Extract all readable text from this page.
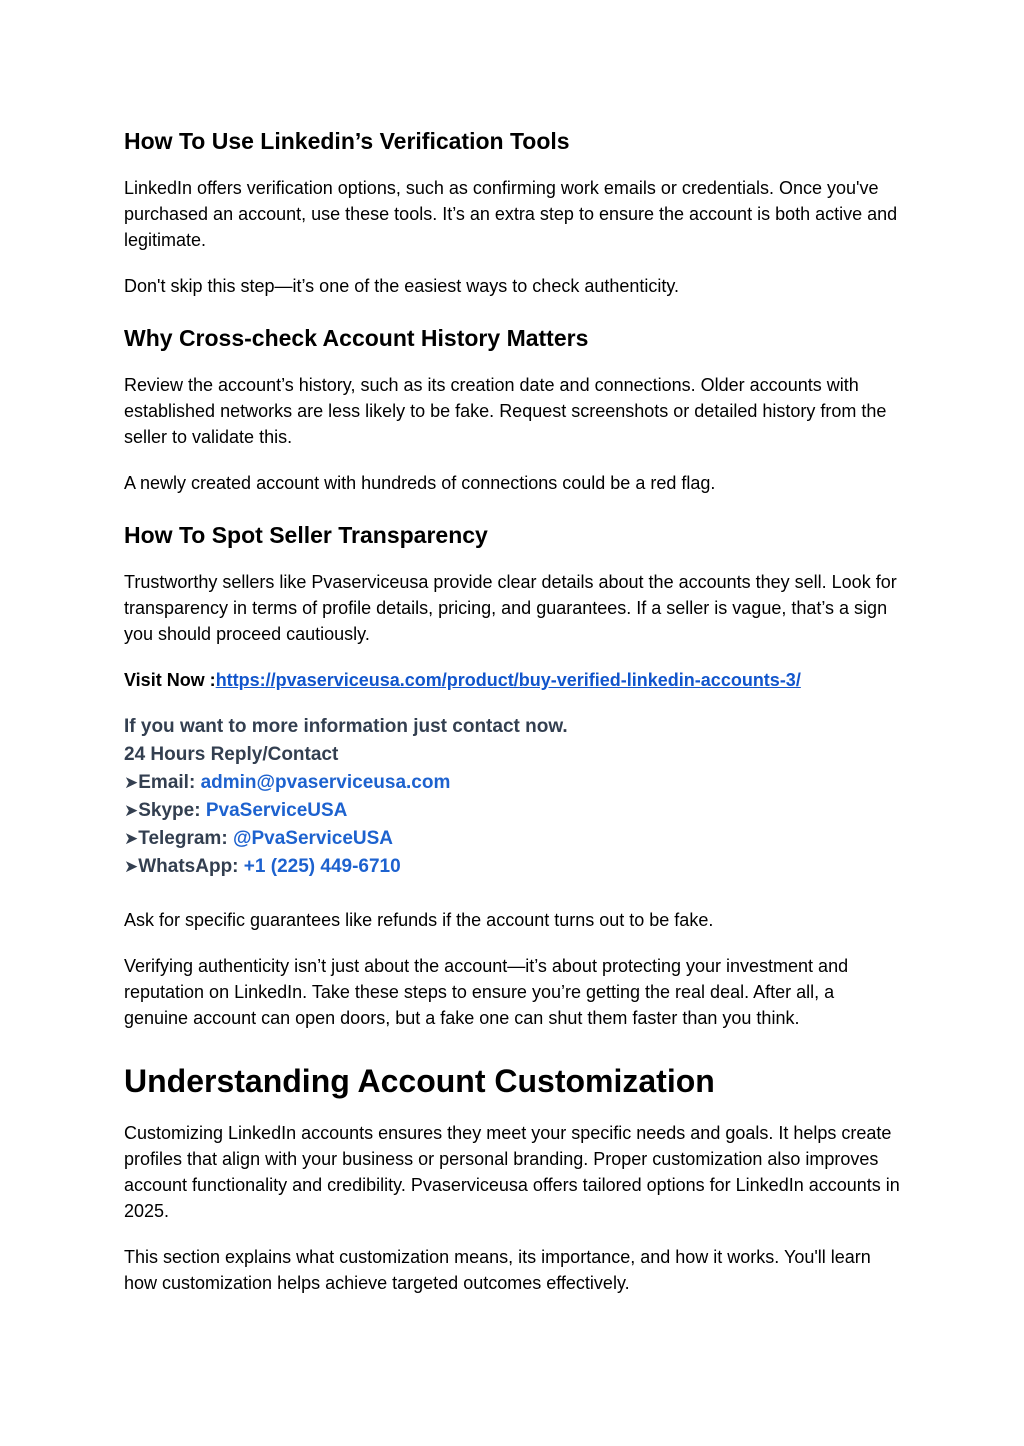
How To Use Linkedin’s Verification Tools

LinkedIn offers verification options, such as confirming work emails or credentials. Once you've purchased an account, use these tools. It’s an extra step to ensure the account is both active and legitimate.

Don't skip this step—it’s one of the easiest ways to check authenticity.

Why Cross-check Account History Matters

Review the account’s history, such as its creation date and connections. Older accounts with established networks are less likely to be fake. Request screenshots or detailed history from the seller to validate this.

A newly created account with hundreds of connections could be a red flag.

How To Spot Seller Transparency

Trustworthy sellers like Pvaserviceusa provide clear details about the accounts they sell. Look for transparency in terms of profile details, pricing, and guarantees. If a seller is vague, that’s a sign you should proceed cautiously.

Visit Now :https://pvaserviceusa.com/product/buy-verified-linkedin-accounts-3/
If you want to more information just contact now.
24 Hours Reply/Contact
➤Email: admin@pvaserviceusa.com
➤Skype: PvaServiceUSA
➤Telegram: @PvaServiceUSA
➤WhatsApp: +1 (225) 449-6710

Ask for specific guarantees like refunds if the account turns out to be fake.

Verifying authenticity isn’t just about the account—it’s about protecting your investment and reputation on LinkedIn. Take these steps to ensure you’re getting the real deal. After all, a genuine account can open doors, but a fake one can shut them faster than you think.

Understanding Account Customization

Customizing LinkedIn accounts ensures they meet your specific needs and goals. It helps create profiles that align with your business or personal branding. Proper customization also improves account functionality and credibility. Pvaserviceusa offers tailored options for LinkedIn accounts in 2025.

This section explains what customization means, its importance, and how it works. You'll learn how customization helps achieve targeted outcomes effectively.
